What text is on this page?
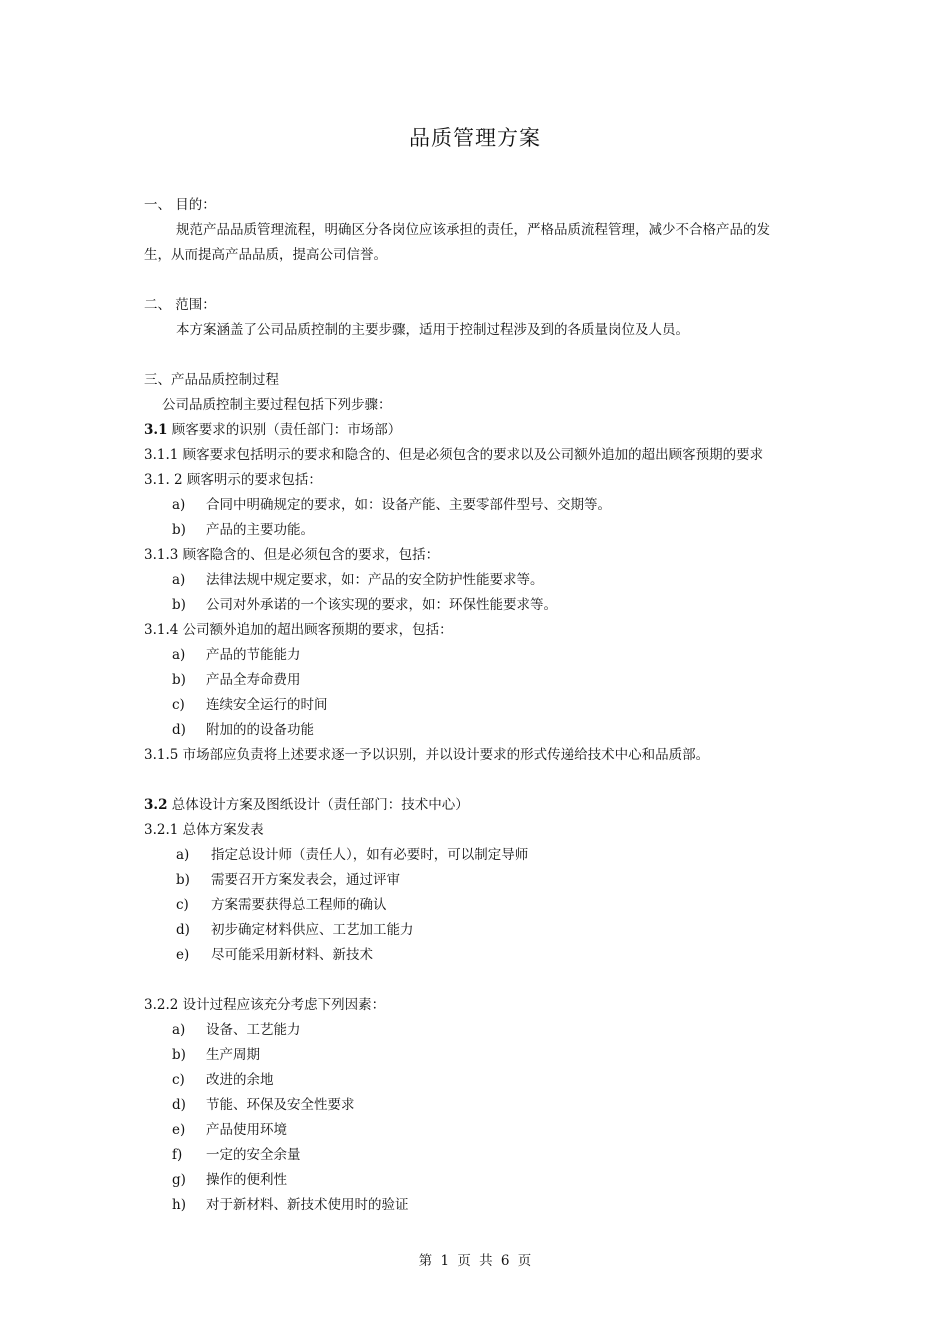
品质管理方案
一、 目的：
规范产品品质管理流程，明确区分各岗位应该承担的责任，严格品质流程管理，减少不合格产品的发
生，从而提高产品品质，提高公司信誉。
二、 范围：
本方案涵盖了公司品质控制的主要步骤，适用于控制过程涉及到的各质量岗位及人员。
三、产品品质控制过程
公司品质控制主要过程包括下列步骤：
3.1 顾客要求的识别（责任部门：市场部）
3.1.1 顾客要求包括明示的要求和隐含的、但是必须包含的要求以及公司额外追加的超出顾客预期的要求
3.1. 2 顾客明示的要求包括：
a) 合同中明确规定的要求，如：设备产能、主要零部件型号、交期等。
b) 产品的主要功能。
3.1.3 顾客隐含的、但是必须包含的要求，包括：
a) 法律法规中规定要求，如：产品的安全防护性能要求等。
b) 公司对外承诺的一个该实现的要求，如：环保性能要求等。
3.1.4 公司额外追加的超出顾客预期的要求，包括：
a) 产品的节能能力
b) 产品全寿命费用
c) 连续安全运行的时间
d) 附加的的设备功能
3.1.5 市场部应负责将上述要求逐一予以识别，并以设计要求的形式传递给技术中心和品质部。
3.2 总体设计方案及图纸设计（责任部门：技术中心）
3.2.1 总体方案发表
a) 指定总设计师（责任人），如有必要时，可以制定导师
b) 需要召开方案发表会，通过评审
c) 方案需要获得总工程师的确认
d) 初步确定材料供应、工艺加工能力
e) 尽可能采用新材料、新技术
3.2.2 设计过程应该充分考虑下列因素：
a) 设备、工艺能力
b) 生产周期
c) 改进的余地
d) 节能、环保及安全性要求
e) 产品使用环境
f) 一定的安全余量
g) 操作的便利性
h) 对于新材料、新技术使用时的验证
第 1 页 共 6 页
